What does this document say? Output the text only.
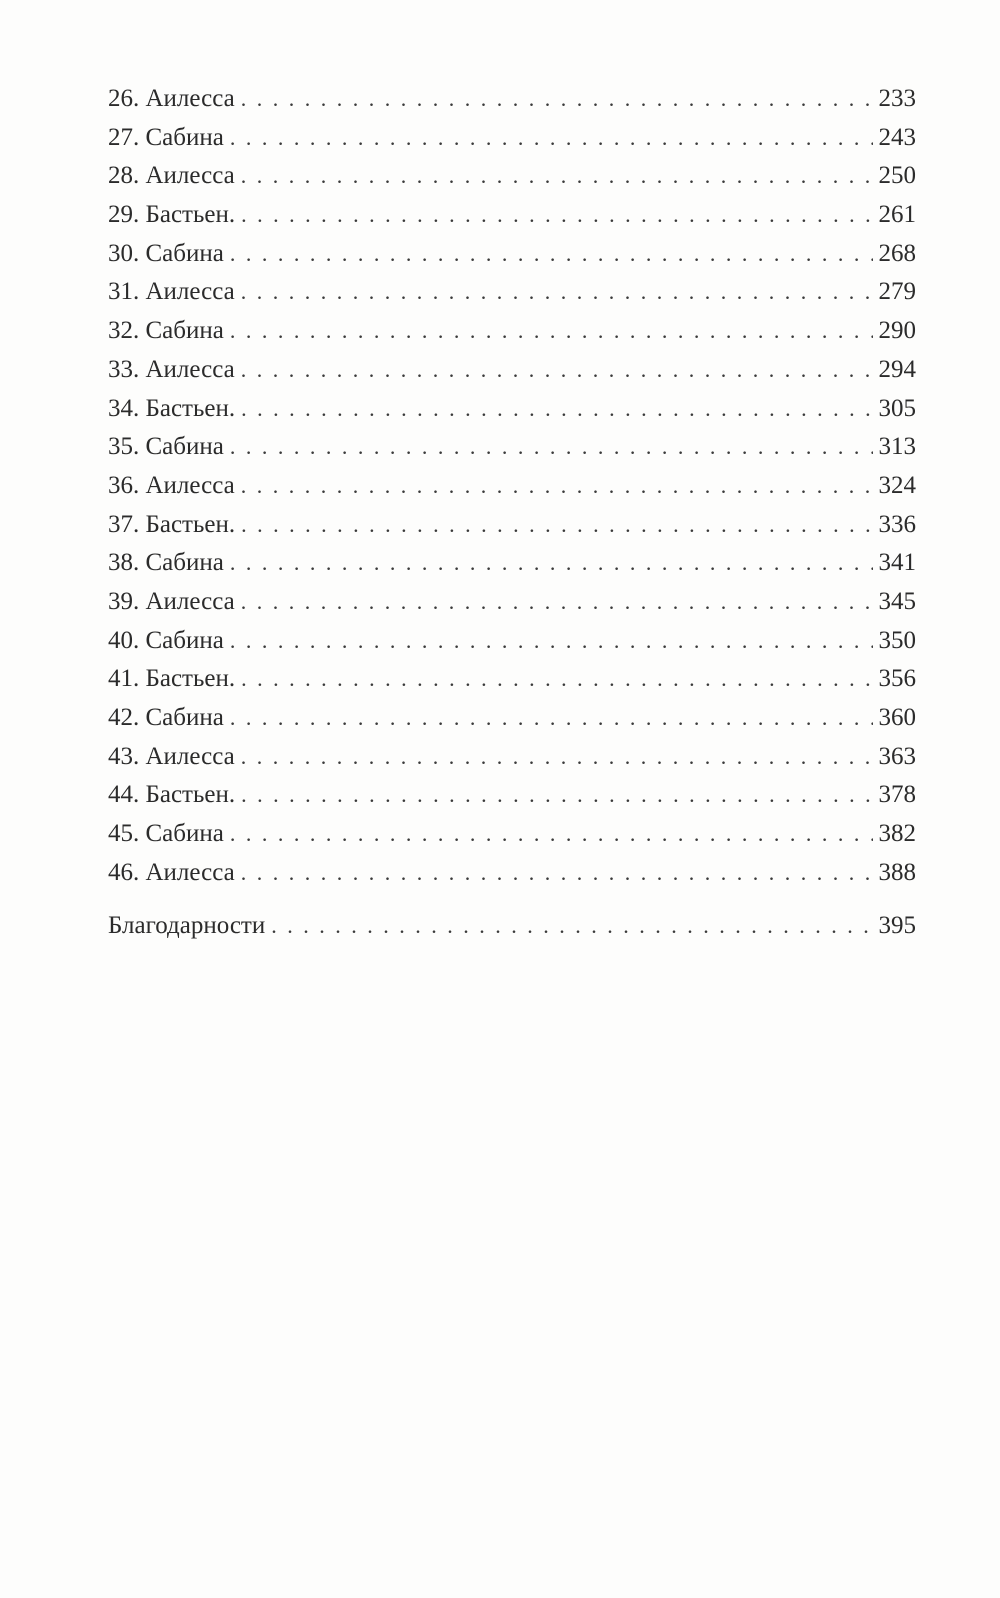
26. Аилесса . . .	233
27. Сабина . . .	243
28. Аилесса . . .	250
29. Бастьен. . . .	261
30. Сабина . . .	268
31. Аилесса . . .	279
32. Сабина . . .	290
33. Аилесса . . .	294
34. Бастьен. . . .	305
35. Сабина . . .	313
36. Аилесса . . .	324
37. Бастьен. . . .	336
38. Сабина . . .	341
39. Аилесса . . .	345
40. Сабина . . .	350
41. Бастьен. . . .	356
42. Сабина . . .	360
43. Аилесса . . .	363
44. Бастьен. . . .	378
45. Сабина . . .	382
46. Аилесса . . .	388
Благодарности . . .	395
